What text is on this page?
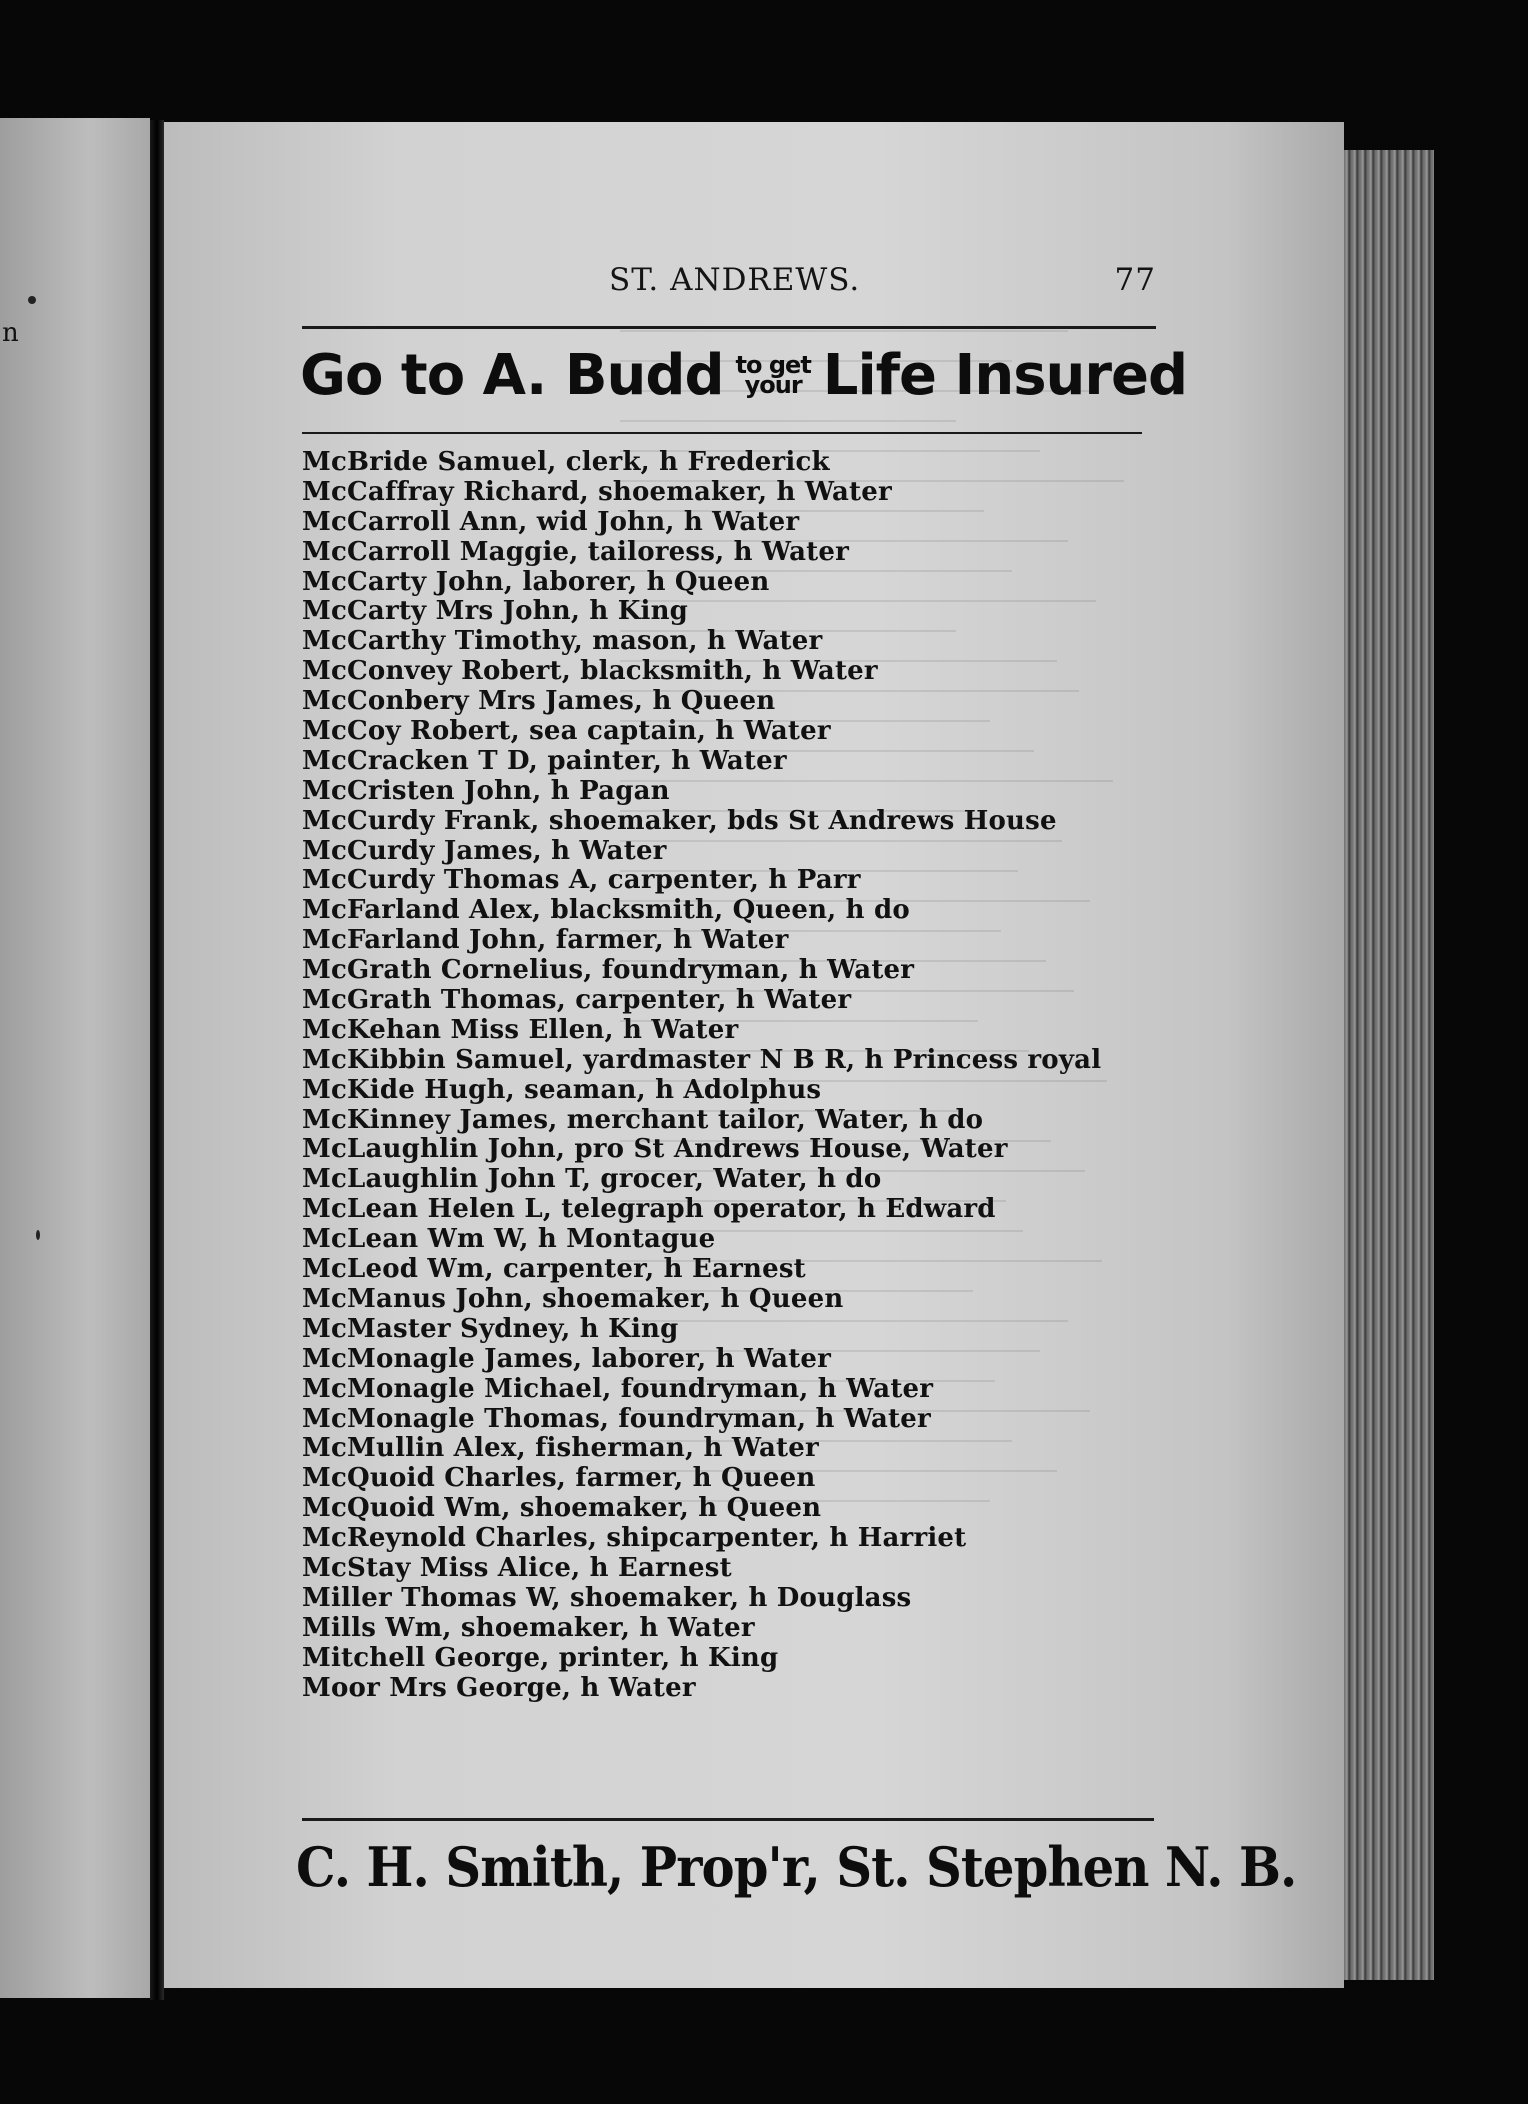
n
ST. ANDREWS.	77
Go to A. Budd to get
your Life Insured
McBride Samuel, clerk, h Frederick
McCaffray Richard, shoemaker, h Water
McCarroll Ann, wid John, h Water
McCarroll Maggie, tailoress, h Water
McCarty John, laborer, h Queen
McCarty Mrs John, h King
McCarthy Timothy, mason, h Water
McConvey Robert, blacksmith, h Water
McConbery Mrs James, h Queen
McCoy Robert, sea captain, h Water
McCracken T D, painter, h Water
McCristen John, h Pagan
McCurdy Frank, shoemaker, bds St Andrews House
McCurdy James, h Water
McCurdy Thomas A, carpenter, h Parr
McFarland Alex, blacksmith, Queen, h do
McFarland John, farmer, h Water
McGrath Cornelius, foundryman, h Water
McGrath Thomas, carpenter, h Water
McKehan Miss Ellen, h Water
McKibbin Samuel, yardmaster N B R, h Princess royal
McKide Hugh, seaman, h Adolphus
McKinney James, merchant tailor, Water, h do
McLaughlin John, pro St Andrews House, Water
McLaughlin John T, grocer, Water, h do
McLean Helen L, telegraph operator, h Edward
McLean Wm W, h Montague
McLeod Wm, carpenter, h Earnest
McManus John, shoemaker, h Queen
McMaster Sydney, h King
McMonagle James, laborer, h Water
McMonagle Michael, foundryman, h Water
McMonagle Thomas, foundryman, h Water
McMullin Alex, fisherman, h Water
McQuoid Charles, farmer, h Queen
McQuoid Wm, shoemaker, h Queen
McReynold Charles, shipcarpenter, h Harriet
McStay Miss Alice, h Earnest
Miller Thomas W, shoemaker, h Douglass
Mills Wm, shoemaker, h Water
Mitchell George, printer, h King
Moor Mrs George, h Water
C. H. Smith, Prop'r, St. Stephen N. B.
